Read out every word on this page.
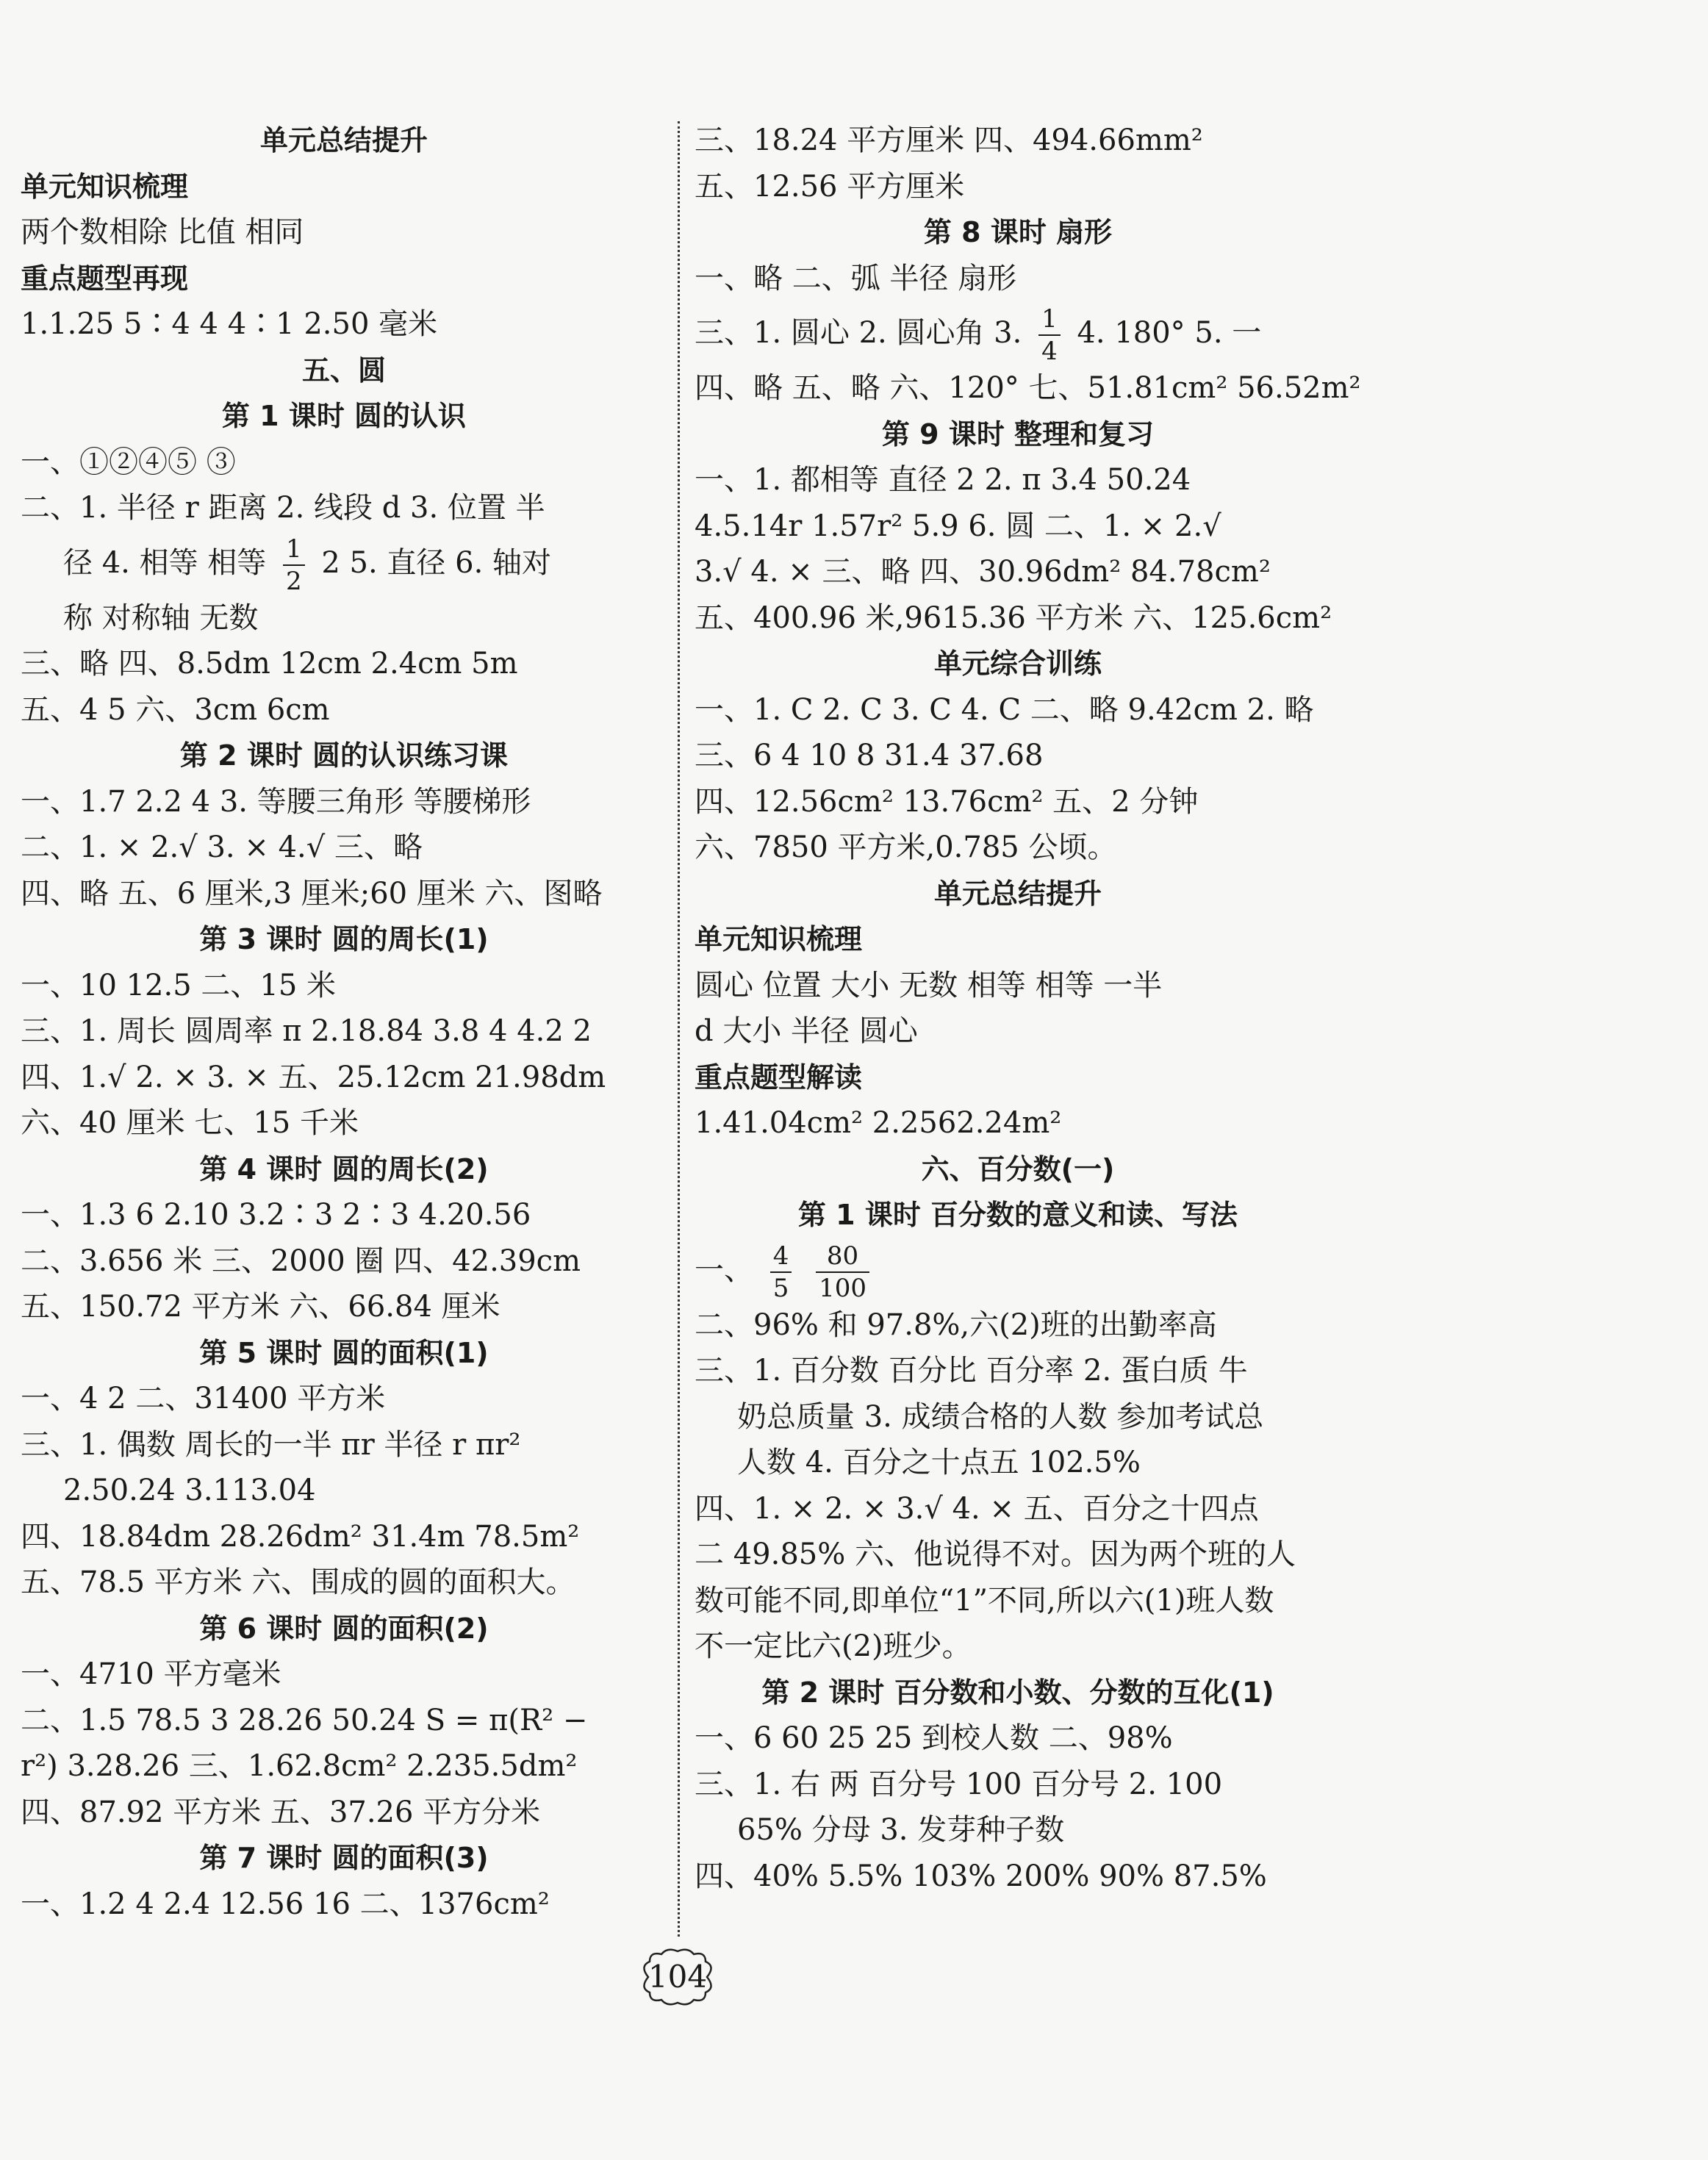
单元总结提升
单元知识梳理
两个数相除 比值 相同
重点题型再现
1.1.25 5∶4 4 4∶1 2.50 毫米
五、圆
第 1 课时 圆的认识
一、①②④⑤ ③
二、1. 半径 r 距离 2. 线段 d 3. 位置 半
径 4. 相等 相等 $\frac{1}{2} 2$ 5. 直径 6. 轴对
称 对称轴 无数
三、略 四、8.5dm 12cm 2.4cm 5m
五、4 5 六、3cm 6cm
第 2 课时 圆的认识练习课
一、1.7 2.2 4 3. 等腰三角形 等腰梯形
二、1. × 2.√ 3. × 4.√ 三、略
四、略 五、6 厘米,3 厘米;60 厘米 六、图略
第 3 课时 圆的周长(1)
一、10 12.5 二、15 米
三、1. 周长 圆周率 π 2.18.84 3.8 4 4.2 2
四、1.√ 2. × 3. × 五、25.12cm 21.98dm
六、40 厘米 七、15 千米
第 4 课时 圆的周长(2)
一、1.3 6 2.10 3.2∶3 2∶3 4.20.56
二、3.656 米 三、2000 圈 四、42.39cm
五、150.72 平方米 六、66.84 厘米
第 5 课时 圆的面积(1)
一、4 2 二、31400 平方米
三、1. 偶数 周长的一半 πr 半径 r πr²
2.50.24 3.113.04
四、18.84dm 28.26dm² 31.4m 78.5m²
五、78.5 平方米 六、围成的圆的面积大。
第 6 课时 圆的面积(2)
一、4710 平方毫米
二、1.5 78.5 3 28.26 50.24 S = π(R² −
r²) 3.28.26 三、1.62.8cm² 2.235.5dm²
四、87.92 平方米 五、37.26 平方分米
第 7 课时 圆的面积(3)
一、1.2 4 2.4 12.56 16 二、1376cm²
三、18.24 平方厘米 四、494.66mm²
五、12.56 平方厘米
第 8 课时 扇形
一、略 二、弧 半径 扇形
三、1. 圆心 2. 圆心角 3. $\frac{1}{4} 4$. 180° 5. 一
四、略 五、略 六、120° 七、51.81cm² 56.52m²
第 9 课时 整理和复习
一、1. 都相等 直径 2 2. π 3.4 50.24
4.5.14r 1.57r² 5.9 6. 圆 二、1. × 2.√
3.√ 4. × 三、略 四、30.96dm² 84.78cm²
五、400.96 米,9615.36 平方米 六、125.6cm²
单元综合训练
一、1. C 2. C 3. C 4. C 二、略 9.42cm 2. 略
三、6 4 10 8 31.4 37.68
四、12.56cm² 13.76cm² 五、2 分钟
六、7850 平方米,0.785 公顷。
单元总结提升
单元知识梳理
圆心 位置 大小 无数 相等 相等 一半
d 大小 半径 圆心
重点题型解读
1.41.04cm² 2.2562.24m²
六、百分数(一)
第 1 课时 百分数的意义和读、写法
一、 $\frac{4}{5}$
$\frac{80}{100}$
二、96% 和 97.8%,六(2)班的出勤率高
三、1. 百分数 百分比 百分率 2. 蛋白质 牛
奶总质量 3. 成绩合格的人数 参加考试总
人数 4. 百分之十点五 102.5%
四、1. × 2. × 3.√ 4. × 五、百分之十四点
二 49.85% 六、他说得不对。因为两个班的人
数可能不同,即单位“1”不同,所以六(1)班人数
不一定比六(2)班少。
第 2 课时 百分数和小数、分数的互化(1)
一、6 60 25 25 到校人数 二、98%
三、1. 右 两 百分号 100 百分号 2. 100
65% 分母 3. 发芽种子数
四、40% 5.5% 103% 200% 90% 87.5%
104
